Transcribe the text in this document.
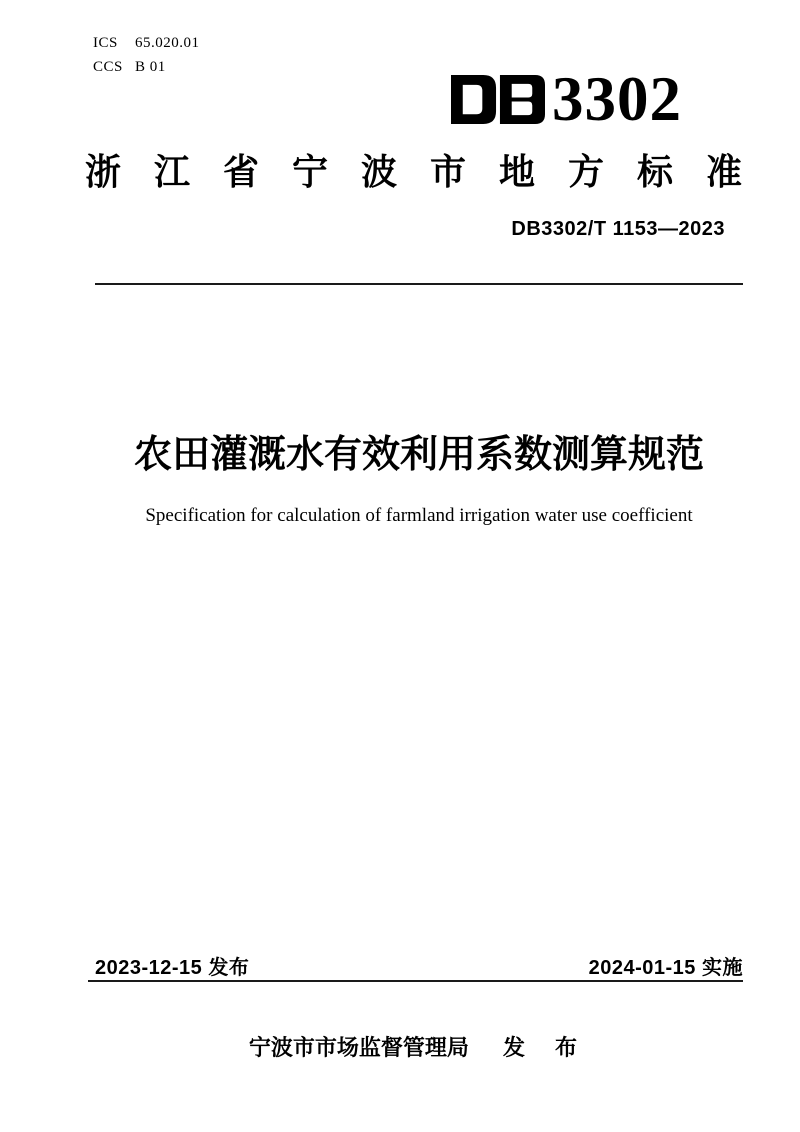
ICS	65.020.01
CCS B 01	3302
浙江省宁波市地方标准
DB3302/T 1153—2023
农田灌溉水有效利用系数测算规范
Specification for calculation of farmland irrigation water use coefficient
2023-12-15 发布	2024-01-15 实施
宁波市市场监督管理局 发 布
